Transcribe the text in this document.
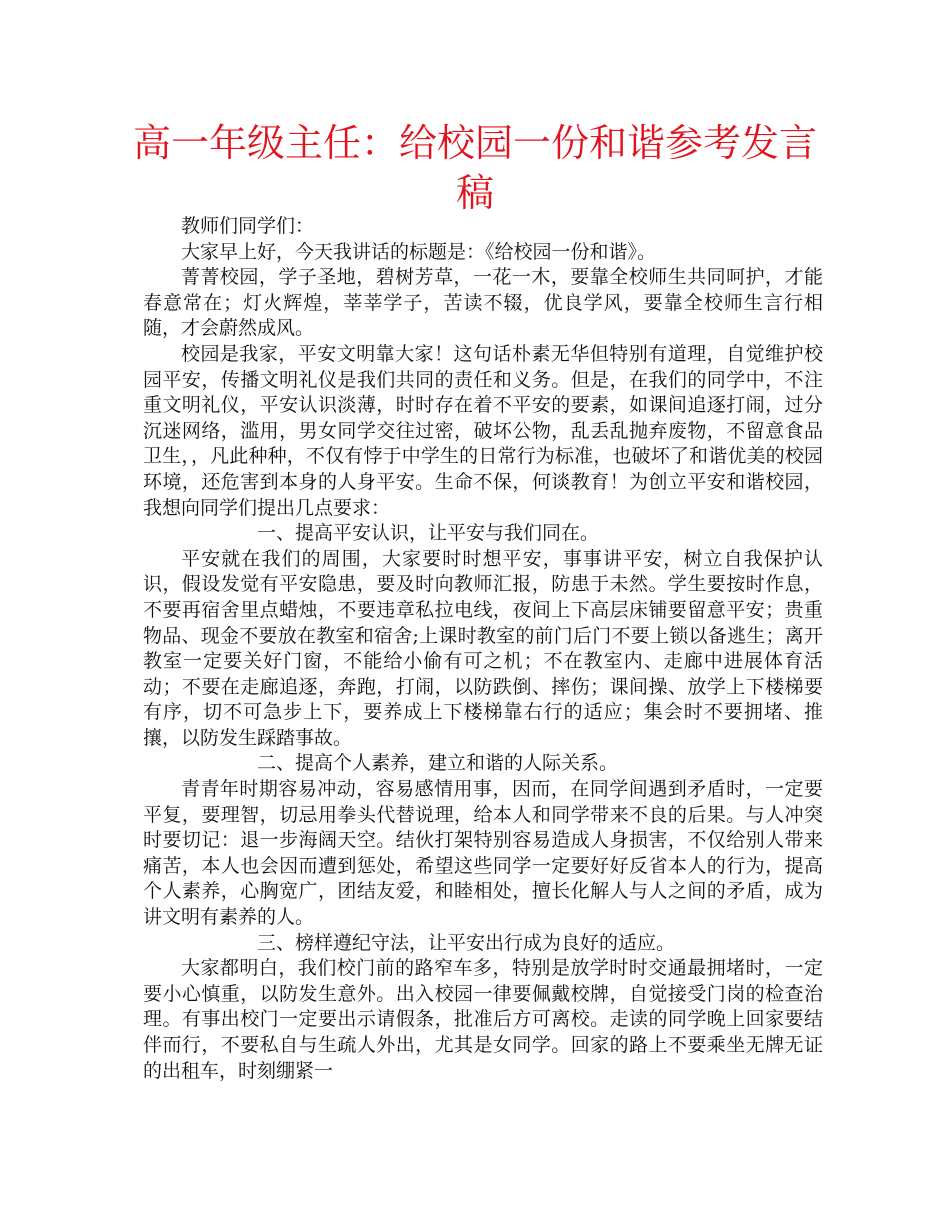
高一年级主任：给校园一份和谐参考发言稿

教师们同学们：

大家早上好，今天我讲话的标题是：《给校园一份和谐》。

菁菁校园，学子圣地，碧树芳草，一花一木，要靠全校师生共同呵护，才能春意常在；灯火辉煌，莘莘学子，苦读不辍，优良学风，要靠全校师生言行相随，才会蔚然成风。

校园是我家，平安文明靠大家！这句话朴素无华但特别有道理，自觉维护校园平安，传播文明礼仪是我们共同的责任和义务。但是，在我们的同学中，不注重文明礼仪，平安认识淡薄，时时存在着不平安的要素，如课间追逐打闹，过分沉迷网络，滥用，男女同学交往过密，破坏公物，乱丢乱抛弃废物，不留意食品卫生，，凡此种种，不仅有悖于中学生的日常行为标准，也破坏了和谐优美的校园环境，还危害到本身的人身平安。生命不保，何谈教育！为创立平安和谐校园，我想向同学们提出几点要求：

一、提高平安认识，让平安与我们同在。

平安就在我们的周围，大家要时时想平安，事事讲平安，树立自我保护认识，假设发觉有平安隐患，要及时向教师汇报，防患于未然。学生要按时作息，不要再宿舍里点蜡烛，不要违章私拉电线，夜间上下高层床铺要留意平安；贵重物品、现金不要放在教室和宿舍;上课时教室的前门后门不要上锁以备逃生；离开教室一定要关好门窗，不能给小偷有可之机；不在教室内、走廊中进展体育活动；不要在走廊追逐，奔跑，打闹，以防跌倒、摔伤；课间操、放学上下楼梯要有序，切不可急步上下，要养成上下楼梯靠右行的适应；集会时不要拥堵、推攘，以防发生踩踏事故。

二、提高个人素养，建立和谐的人际关系。

青青年时期容易冲动，容易感情用事，因而，在同学间遇到矛盾时，一定要平复，要理智，切忌用拳头代替说理，给本人和同学带来不良的后果。与人冲突时要切记：退一步海阔天空。结伙打架特别容易造成人身损害，不仅给别人带来痛苦，本人也会因而遭到惩处，希望这些同学一定要好好反省本人的行为，提高个人素养，心胸宽广，团结友爱，和睦相处，擅长化解人与人之间的矛盾，成为讲文明有素养的人。

三、榜样遵纪守法，让平安出行成为良好的适应。

大家都明白，我们校门前的路窄车多，特别是放学时时交通最拥堵时，一定要小心慎重，以防发生意外。出入校园一律要佩戴校牌，自觉接受门岗的检查治理。有事出校门一定要出示请假条，批准后方可离校。走读的同学晚上回家要结伴而行，不要私自与生疏人外出，尤其是女同学。回家的路上不要乘坐无牌无证的出租车，时刻绷紧一
